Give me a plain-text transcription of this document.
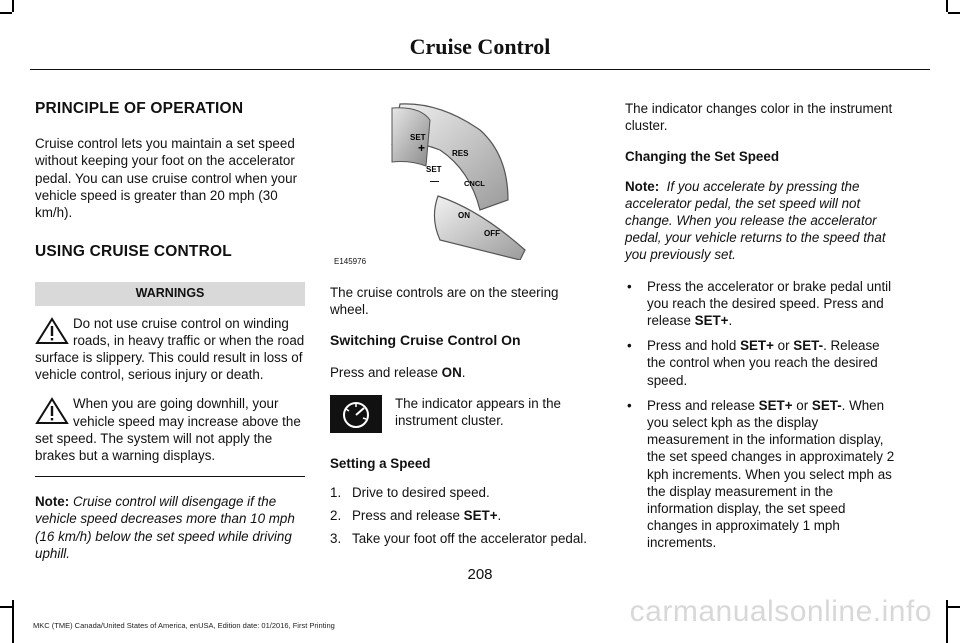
Cruise Control
PRINCIPLE OF OPERATION

Cruise control lets you maintain a set speed without keeping your foot on the accelerator pedal. You can use cruise control when your vehicle speed is greater than 20 mph (30 km/h).

USING CRUISE CONTROL
WARNINGS
Do not use cruise control on winding roads, in heavy traffic or when the road surface is slippery. This could result in loss of vehicle control, serious injury or death.
When you are going downhill, your vehicle speed may increase above the set speed. The system will not apply the brakes but a warning displays.

Note: Cruise control will disengage if the vehicle speed decreases more than 10 mph (16 km/h) below the set speed while driving uphill.

SET
+
SET
—
RES
CNCL
ON
OFF
E145976

The cruise controls are on the steering wheel.

Switching Cruise Control On

Press and release ON.

The indicator appears in the instrument cluster.
Setting a Speed
1. Drive to desired speed.
2. Press and release SET+.
3. Take your foot off the accelerator pedal.

The indicator changes color in the instrument cluster.

Changing the Set Speed

Note: If you accelerate by pressing the accelerator pedal, the set speed will not change. When you release the accelerator pedal, your vehicle returns to the speed that you previously set.

• Press the accelerator or brake pedal until you reach the desired speed. Press and release SET+.
• Press and hold SET+ or SET-. Release the control when you reach the desired speed.
• Press and release SET+ or SET-. When you select kph as the display measurement in the information display, the set speed changes in approximately 2 kph increments. When you select mph as the display measurement in the information display, the set speed changes in approximately 1 mph increments.
208
MKC (TME) Canada/United States of America, enUSA, Edition date: 01/2016, First Printing	carmanualsonline.info
